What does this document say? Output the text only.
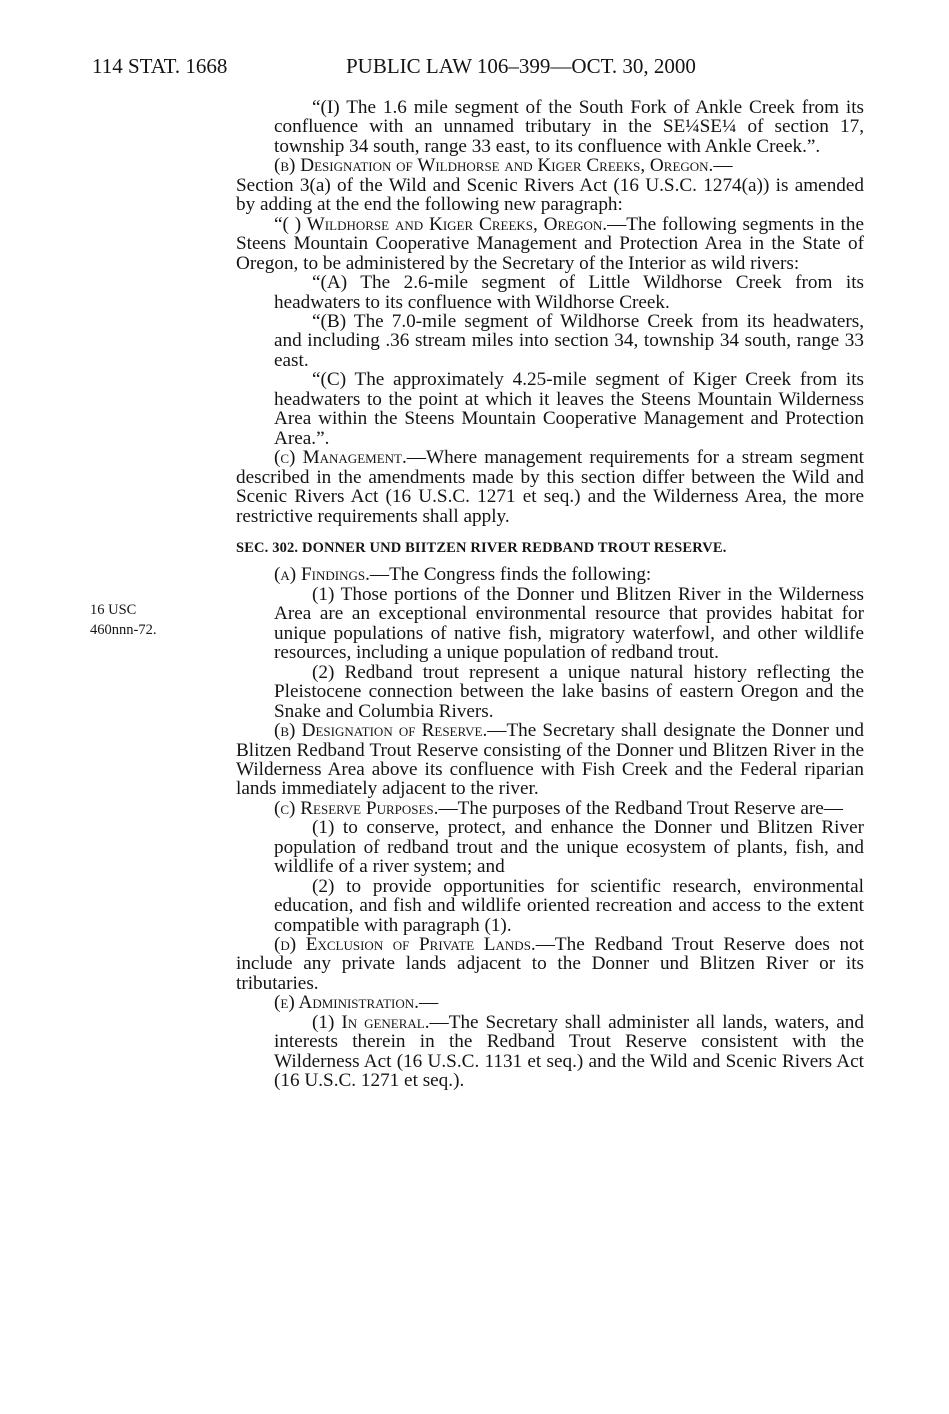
114 STAT. 1668	PUBLIC LAW 106–399—OCT. 30, 2000
16 USC
460nnn-72.

“(I) The 1.6 mile segment of the South Fork of Ankle Creek from its confluence with an unnamed tributary in the SE¼SE¼ of section 17, township 34 south, range 33 east, to its confluence with Ankle Creek.”.

(b) Designation of Wildhorse and Kiger Creeks, Oregon.—
Section 3(a) of the Wild and Scenic Rivers Act (16 U.S.C. 1274(a)) is amended by adding at the end the following new paragraph:

“( ) Wildhorse and Kiger Creeks, Oregon.—The following segments in the Steens Mountain Cooperative Management and Protection Area in the State of Oregon, to be administered by the Secretary of the Interior as wild rivers:

“(A) The 2.6-mile segment of Little Wildhorse Creek from its headwaters to its confluence with Wildhorse Creek.

“(B) The 7.0-mile segment of Wildhorse Creek from its headwaters, and including .36 stream miles into section 34, township 34 south, range 33 east.

“(C) The approximately 4.25-mile segment of Kiger Creek from its headwaters to the point at which it leaves the Steens Mountain Wilderness Area within the Steens Mountain Cooperative Management and Protection Area.”.

(c) Management.—Where management requirements for a stream segment described in the amendments made by this section differ between the Wild and Scenic Rivers Act (16 U.S.C. 1271 et seq.) and the Wilderness Area, the more restrictive requirements shall apply.

SEC. 302. DONNER UND BIITZEN RIVER REDBAND TROUT RESERVE.

(a) Findings.—The Congress finds the following:

(1) Those portions of the Donner und Blitzen River in the Wilderness Area are an exceptional environmental resource that provides habitat for unique populations of native fish, migratory waterfowl, and other wildlife resources, including a unique population of redband trout.

(2) Redband trout represent a unique natural history reflecting the Pleistocene connection between the lake basins of eastern Oregon and the Snake and Columbia Rivers.

(b) Designation of Reserve.—The Secretary shall designate the Donner und Blitzen Redband Trout Reserve consisting of the Donner und Blitzen River in the Wilderness Area above its confluence with Fish Creek and the Federal riparian lands immediately adjacent to the river.

(c) Reserve Purposes.—The purposes of the Redband Trout Reserve are—

(1) to conserve, protect, and enhance the Donner und Blitzen River population of redband trout and the unique ecosystem of plants, fish, and wildlife of a river system; and

(2) to provide opportunities for scientific research, environmental education, and fish and wildlife oriented recreation and access to the extent compatible with paragraph (1).

(d) Exclusion of Private Lands.—The Redband Trout Reserve does not include any private lands adjacent to the Donner und Blitzen River or its tributaries.

(e) Administration.—

(1) In general.—The Secretary shall administer all lands, waters, and interests therein in the Redband Trout Reserve consistent with the Wilderness Act (16 U.S.C. 1131 et seq.) and the Wild and Scenic Rivers Act (16 U.S.C. 1271 et seq.).
